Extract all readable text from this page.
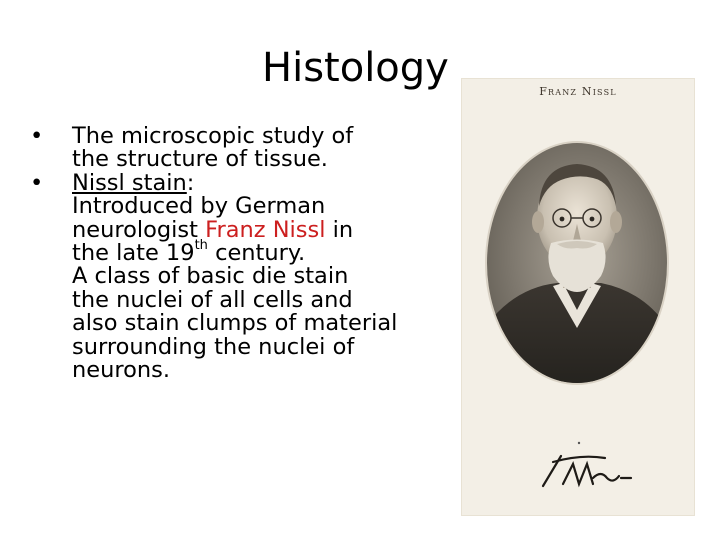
Histology
• The microscopic study of
the structure of tissue.
• Nissl stain:
Introduced by German
neurologist Franz Nissl in
the late 19th century.
A class of basic die stain
the nuclei of all cells and
also stain clumps of material
surrounding the nuclei of
neurons.
Franz Nissl
